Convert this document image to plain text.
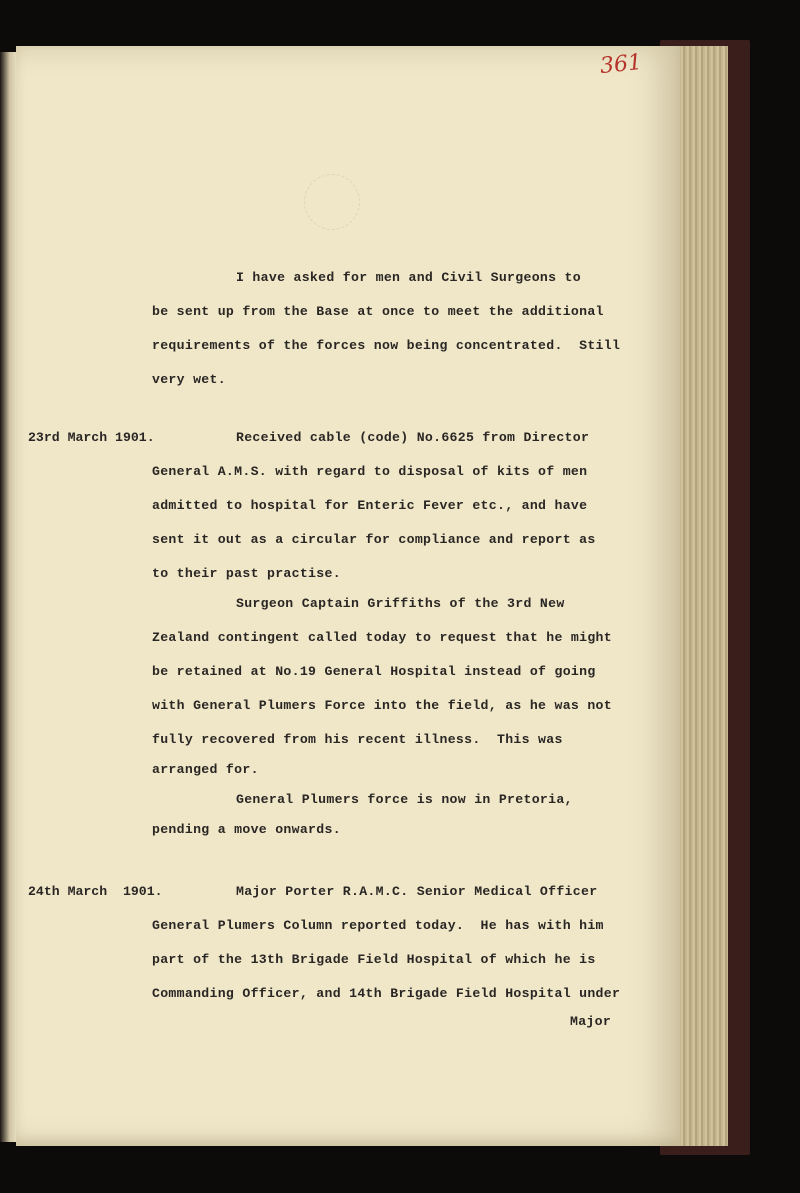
361
I have asked for men and Civil Surgeons to
be sent up from the Base at once to meet the additional
requirements of the forces now being concentrated.  Still
very wet.
23rd March 1901.	Received cable (code) No.6625 from Director
General A.M.S. with regard to disposal of kits of men
admitted to hospital for Enteric Fever etc., and have
sent it out as a circular for compliance and report as
to their past practise.
Surgeon Captain Griffiths of the 3rd New
Zealand contingent called today to request that he might
be retained at No.19 General Hospital instead of going
with General Plumers Force into the field, as he was not
fully recovered from his recent illness.  This was
arranged for.
General Plumers force is now in Pretoria,
pending a move onwards.
24th March  1901.	Major Porter R.A.M.C. Senior Medical Officer
General Plumers Column reported today.  He has with him
part of the 13th Brigade Field Hospital of which he is
Commanding Officer, and 14th Brigade Field Hospital under
Major
